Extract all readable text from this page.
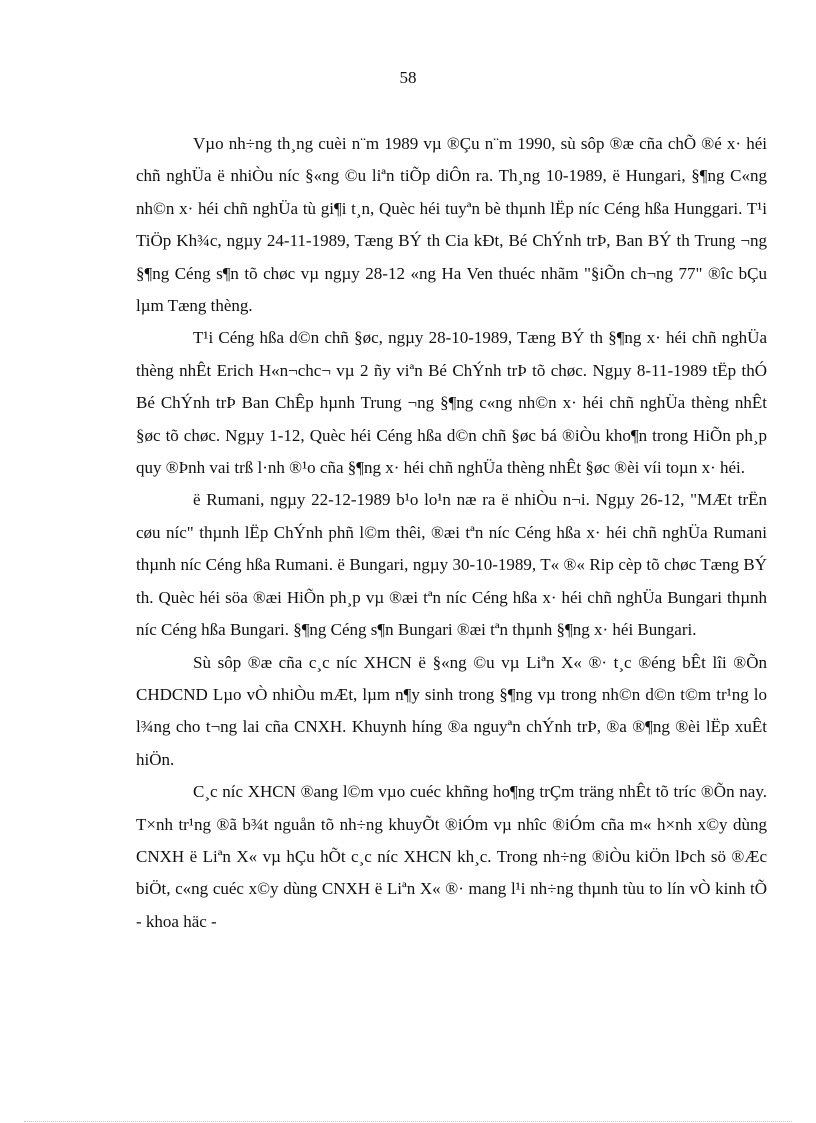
58

Vµo nh÷ng th¸ng cuèi n¨m 1989 vµ ®Çu n¨m 1990, sù sôp ®æ cña chÕ ®é x· héi chñ nghÜa ë nhiÒu níc §«ng ©u liªn tiÕp diÔn ra. Th¸ng 10-1989, ë Hungari, §¶ng C«ng nh©n x· héi chñ nghÜa tù gi¶i t¸n, Quèc héi tuyªn bè thµnh lËp níc Céng hßa Hunggari. T¹i TiÖp Kh¾c, ngµy 24-11-1989, Tæng BÝ th Cia kÐt, Bé ChÝnh trÞ, Ban BÝ th Trung ¬ng §¶ng Céng s¶n tõ chøc vµ ngµy 28-12 «ng Ha Ven thuéc nhãm "§iÕn ch¬ng 77" ®îc bÇu lµm Tæng thèng.

T¹i Céng hßa d©n chñ §øc, ngµy 28-10-1989, Tæng BÝ th §¶ng x· héi chñ nghÜa thèng nhÊt Erich H«n¬chc¬ vµ 2 ñy viªn Bé ChÝnh trÞ tõ chøc. Ngµy 8-11-1989 tËp thÓ Bé ChÝnh trÞ Ban ChÊp hµnh Trung ¬ng §¶ng c«ng nh©n x· héi chñ nghÜa thèng nhÊt §øc tõ chøc. Ngµy 1-12, Quèc héi Céng hßa d©n chñ §øc bá ®iÒu kho¶n trong HiÕn ph¸p quy ®Þnh vai trß l·nh ®¹o cña §¶ng x· héi chñ nghÜa thèng nhÊt §øc ®èi víi toµn x· héi.

ë Rumani, ngµy 22-12-1989 b¹o lo¹n næ ra ë nhiÒu n¬i. Ngµy 26-12, "MÆt trËn cøu níc" thµnh lËp ChÝnh phñ l©m thêi, ®æi tªn níc Céng hßa x· héi chñ nghÜa Rumani thµnh níc Céng hßa Rumani. ë Bungari, ngµy 30-10-1989, T« ®« Rip cèp tõ chøc Tæng BÝ th. Quèc héi söa ®æi HiÕn ph¸p vµ ®æi tªn níc Céng hßa x· héi chñ nghÜa Bungari thµnh níc Céng hßa Bungari. §¶ng Céng s¶n Bungari ®æi tªn thµnh §¶ng x· héi Bungari.

Sù sôp ®æ cña c¸c níc XHCN ë §«ng ©u vµ Liªn X« ®· t¸c ®éng bÊt lîi ®Õn CHDCND Lµo vÒ nhiÒu mÆt, lµm n¶y sinh trong §¶ng vµ trong nh©n d©n t©m tr¹ng lo l¾ng cho t¬ng lai cña CNXH. Khuynh híng ®a nguyªn chÝnh trÞ, ®a ®¶ng ®èi lËp xuÊt hiÖn.

C¸c níc XHCN ®ang l©m vµo cuéc khñng ho¶ng trÇm träng nhÊt tõ tríc ®Õn nay. T×nh tr¹ng ®ã b¾t nguån tõ nh÷ng khuyÕt ®iÓm vµ nhîc ®iÓm cña m« h×nh x©y dùng CNXH ë Liªn X« vµ hÇu hÕt c¸c níc XHCN kh¸c. Trong nh÷ng ®iÒu kiÖn lÞch sö ®Æc biÖt, c«ng cuéc x©y dùng CNXH ë Liªn X« ®· mang l¹i nh÷ng thµnh tùu to lín vÒ kinh tÕ - khoa häc -
